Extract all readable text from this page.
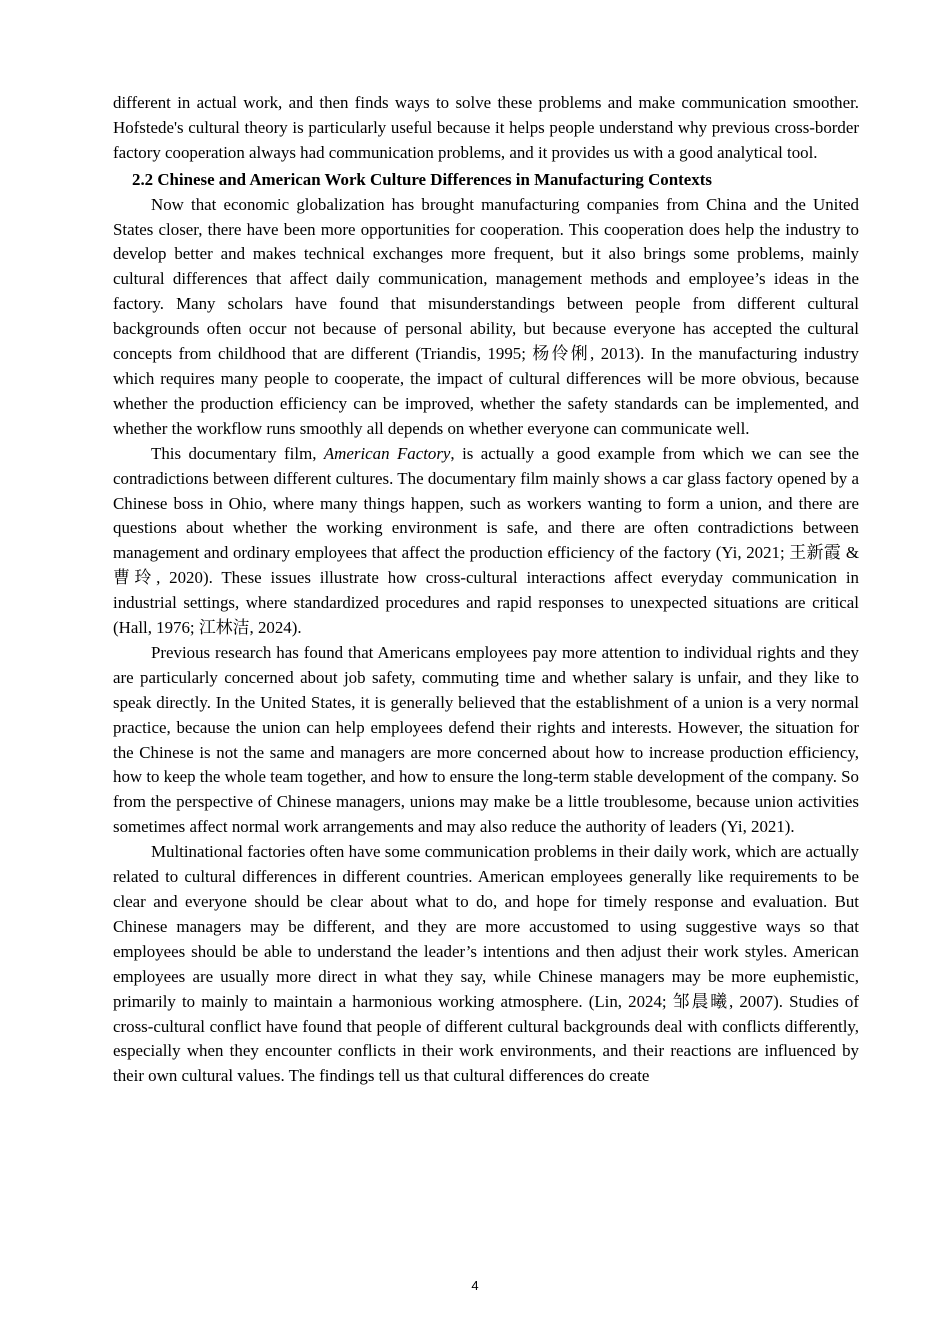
different in actual work, and then finds ways to solve these problems and make communication smoother. Hofstede's cultural theory is particularly useful because it helps people understand why previous cross-border factory cooperation always had communication problems, and it provides us with a good analytical tool.

2.2 Chinese and American Work Culture Differences in Manufacturing Contexts

Now that economic globalization has brought manufacturing companies from China and the United States closer, there have been more opportunities for cooperation. This cooperation does help the industry to develop better and makes technical exchanges more frequent, but it also brings some problems, mainly cultural differences that affect daily communication, management methods and employee’s ideas in the factory. Many scholars have found that misunderstandings between people from different cultural backgrounds often occur not because of personal ability, but because everyone has accepted the cultural concepts from childhood that are different (Triandis, 1995; 杨伶俐, 2013). In the manufacturing industry which requires many people to cooperate, the impact of cultural differences will be more obvious, because whether the production efficiency can be improved, whether the safety standards can be implemented, and whether the workflow runs smoothly all depends on whether everyone can communicate well.

This documentary film, American Factory, is actually a good example from which we can see the contradictions between different cultures. The documentary film mainly shows a car glass factory opened by a Chinese boss in Ohio, where many things happen, such as workers wanting to form a union, and there are questions about whether the working environment is safe, and there are often contradictions between management and ordinary employees that affect the production efficiency of the factory (Yi, 2021; 王新霞 & 曹玲, 2020). These issues illustrate how cross-cultural interactions affect everyday communication in industrial settings, where standardized procedures and rapid responses to unexpected situations are critical (Hall, 1976; 江林洁, 2024).

Previous research has found that Americans employees pay more attention to individual rights and they are particularly concerned about job safety, commuting time and whether salary is unfair, and they like to speak directly. In the United States, it is generally believed that the establishment of a union is a very normal practice, because the union can help employees defend their rights and interests. However, the situation for the Chinese is not the same and managers are more concerned about how to increase production efficiency, how to keep the whole team together, and how to ensure the long-term stable development of the company. So from the perspective of Chinese managers, unions may make be a little troublesome, because union activities sometimes affect normal work arrangements and may also reduce the authority of leaders (Yi, 2021).

Multinational factories often have some communication problems in their daily work, which are actually related to cultural differences in different countries. American employees generally like requirements to be clear and everyone should be clear about what to do, and hope for timely response and evaluation. But Chinese managers may be different, and they are more accustomed to using suggestive ways so that employees should be able to understand the leader’s intentions and then adjust their work styles. American employees are usually more direct in what they say, while Chinese managers may be more euphemistic, primarily to mainly to maintain a harmonious working atmosphere. (Lin, 2024; 邹晨曦, 2007). Studies of cross-cultural conflict have found that people of different cultural backgrounds deal with conflicts differently, especially when they encounter conflicts in their work environments, and their reactions are influenced by their own cultural values. The findings tell us that cultural differences do create

4
